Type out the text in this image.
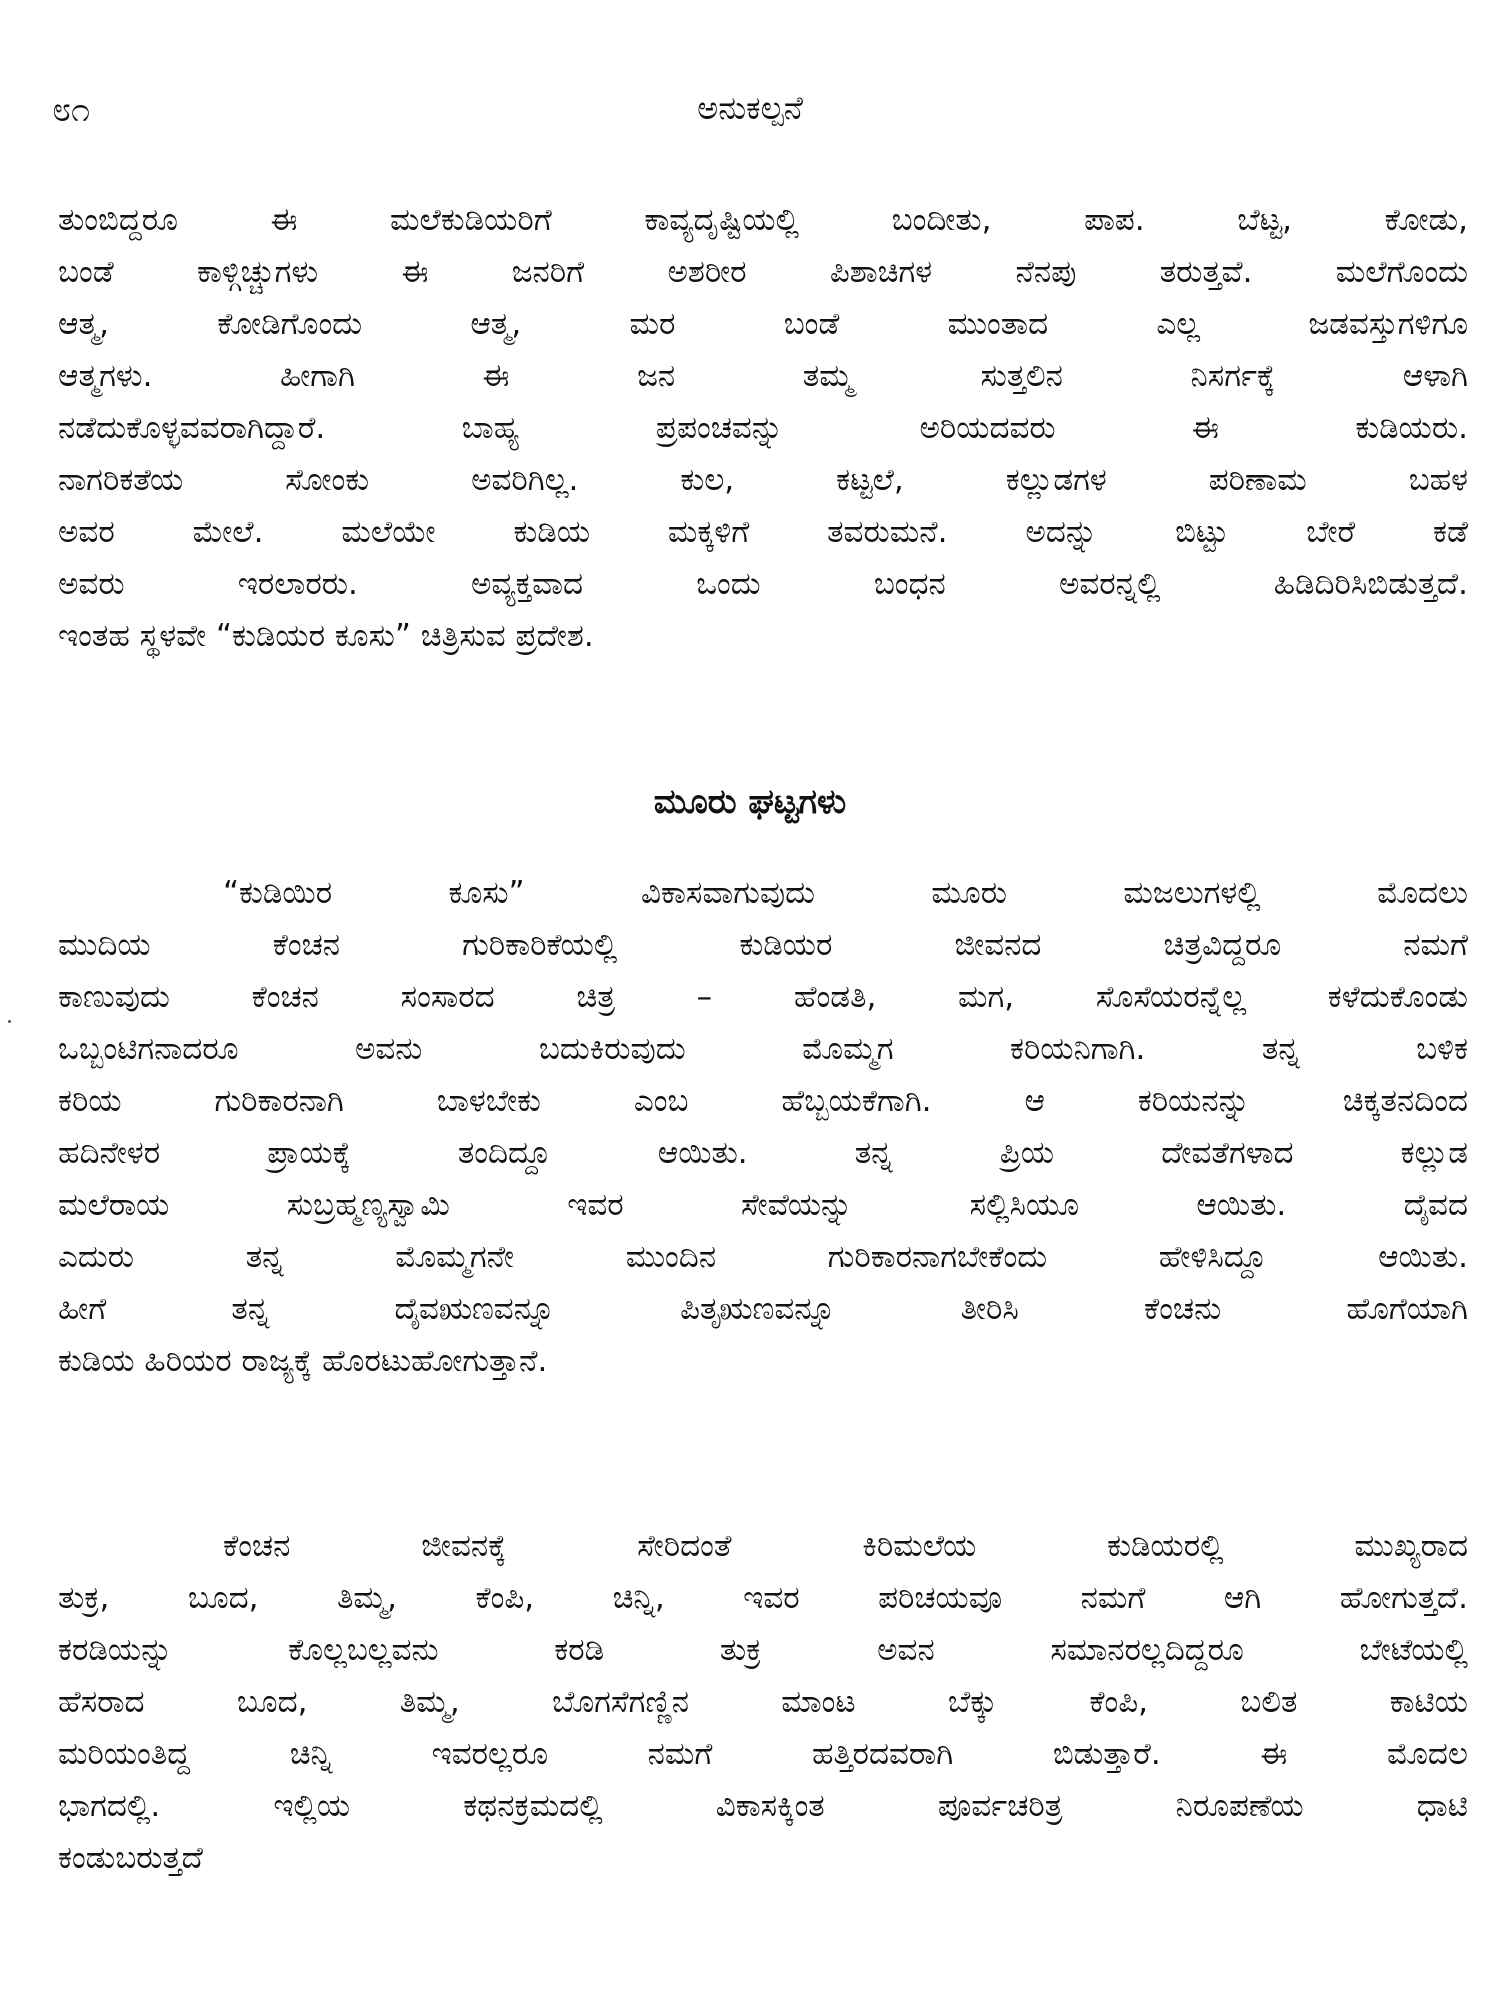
೮೧	ಅನುಕಲ್ಪನೆ
ತುಂಬಿದ್ದರೂ ಈ ಮಲೆಕುಡಿಯರಿಗೆ ಕಾವ್ಯದೃಷ್ಟಿಯಲ್ಲಿ ಬಂದೀತು, ಪಾಪ. ಬೆಟ್ಟ, ಕೋಡು,
ಬಂಡೆ ಕಾಳ್ಗಿಚ್ಚುಗಳು ಈ ಜನರಿಗೆ ಅಶರೀರ ಪಿಶಾಚಿಗಳ ನೆನಪು ತರುತ್ತವೆ. ಮಲೆಗೊಂದು
ಆತ್ಮ, ಕೋಡಿಗೊಂದು ಆತ್ಮ, ಮರ ಬಂಡೆ ಮುಂತಾದ ಎಲ್ಲ ಜಡವಸ್ತುಗಳಿಗೂ
ಆತ್ಮಗಳು. ಹೀಗಾಗಿ ಈ ಜನ ತಮ್ಮ ಸುತ್ತಲಿನ ನಿಸರ್ಗಕ್ಕೆ ಆಳಾಗಿ
ನಡೆದುಕೊಳ್ಳವವರಾಗಿದ್ದಾರೆ. ಬಾಹ್ಯ ಪ್ರಪಂಚವನ್ನು ಅರಿಯದವರು ಈ ಕುಡಿಯರು.
ನಾಗರಿಕತೆಯ ಸೋಂಕು ಅವರಿಗಿಲ್ಲ. ಕುಲ, ಕಟ್ಟಲೆ, ಕಲ್ಲುಡಗಳ ಪರಿಣಾಮ ಬಹಳ
ಅವರ ಮೇಲೆ. ಮಲೆಯೇ ಕುಡಿಯ ಮಕ್ಕಳಿಗೆ ತವರುಮನೆ. ಅದನ್ನು ಬಿಟ್ಟು ಬೇರೆ ಕಡೆ
ಅವರು ಇರಲಾರರು. ಅವ್ಯಕ್ತವಾದ ಒಂದು ಬಂಧನ ಅವರನ್ನಲ್ಲಿ ಹಿಡಿದಿರಿಸಿಬಿಡುತ್ತದೆ.
ಇಂತಹ ಸ್ಥಳವೇ “ಕುಡಿಯರ ಕೂಸು” ಚಿತ್ರಿಸುವ ಪ್ರದೇಶ.
ಮೂರು ಘಟ್ಟಗಳು
“ಕುಡಿಯಿರ ಕೂಸು” ವಿಕಾಸವಾಗುವುದು ಮೂರು ಮಜಲುಗಳಲ್ಲಿ ಮೊದಲು
ಮುದಿಯ ಕೆಂಚನ ಗುರಿಕಾರಿಕೆಯಲ್ಲಿ ಕುಡಿಯರ ಜೀವನದ ಚಿತ್ರವಿದ್ದರೂ ನಮಗೆ
ಕಾಣುವುದು ಕೆಂಚನ ಸಂಸಾರದ ಚಿತ್ರ – ಹೆಂಡತಿ, ಮಗ, ಸೊಸೆಯರನ್ನೆಲ್ಲ ಕಳೆದುಕೊಂಡು
ಒಬ್ಬಂಟಿಗನಾದರೂ ಅವನು ಬದುಕಿರುವುದು ಮೊಮ್ಮಗ ಕರಿಯನಿಗಾಗಿ. ತನ್ನ ಬಳಿಕ
ಕರಿಯ ಗುರಿಕಾರನಾಗಿ ಬಾಳಬೇಕು ಎಂಬ ಹೆಬ್ಬಯಕೆಗಾಗಿ. ಆ ಕರಿಯನನ್ನು ಚಿಕ್ಕತನದಿಂದ
ಹದಿನೇಳರ ಪ್ರಾಯಕ್ಕೆ ತಂದಿದ್ದೂ ಆಯಿತು. ತನ್ನ ಪ್ರಿಯ ದೇವತೆಗಳಾದ ಕಲ್ಲುಡ
ಮಲೆರಾಯ ಸುಬ್ರಹ್ಮಣ್ಯಸ್ವಾಮಿ ಇವರ ಸೇವೆಯನ್ನು ಸಲ್ಲಿಸಿಯೂ ಆಯಿತು. ದೈವದ
ಎದುರು ತನ್ನ ಮೊಮ್ಮಗನೇ ಮುಂದಿನ ಗುರಿಕಾರನಾಗಬೇಕೆಂದು ಹೇಳಿಸಿದ್ದೂ ಆಯಿತು.
ಹೀಗೆ ತನ್ನ ದೈವಋಣವನ್ನೂ ಪಿತೃಋಣವನ್ನೂ ತೀರಿಸಿ ಕೆಂಚನು ಹೊಗೆಯಾಗಿ
ಕುಡಿಯ ಹಿರಿಯರ ರಾಜ್ಯಕ್ಕೆ ಹೊರಟುಹೋಗುತ್ತಾನೆ.
ಕೆಂಚನ ಜೀವನಕ್ಕೆ ಸೇರಿದಂತೆ ಕಿರಿಮಲೆಯ ಕುಡಿಯರಲ್ಲಿ ಮುಖ್ಯರಾದ
ತುಕ್ರ, ಬೂದ, ತಿಮ್ಮ, ಕೆಂಪಿ, ಚಿನ್ನಿ, ಇವರ ಪರಿಚಯವೂ ನಮಗೆ ಆಗಿ ಹೋಗುತ್ತದೆ.
ಕರಡಿಯನ್ನು ಕೊಲ್ಲಬಲ್ಲವನು ಕರಡಿ ತುಕ್ರ ಅವನ ಸಮಾನರಲ್ಲದಿದ್ದರೂ ಬೇಟೆಯಲ್ಲಿ
ಹೆಸರಾದ ಬೂದ, ತಿಮ್ಮ, ಬೊಗಸೆಗಣ್ಣಿನ ಮಾಂಟ ಬೆಕ್ಕು ಕೆಂಪಿ, ಬಲಿತ ಕಾಟಿಯ
ಮರಿಯಂತಿದ್ದ ಚಿನ್ನಿ ಇವರಲ್ಲರೂ ನಮಗೆ ಹತ್ತಿರದವರಾಗಿ ಬಿಡುತ್ತಾರೆ. ಈ ಮೊದಲ
ಭಾಗದಲ್ಲಿ. ಇಲ್ಲಿಯ ಕಥನಕ್ರಮದಲ್ಲಿ ವಿಕಾಸಕ್ಕಿಂತ ಪೂರ್ವಚರಿತ್ರ ನಿರೂಪಣೆಯ ಧಾಟಿ
ಕಂಡುಬರುತ್ತದೆ
